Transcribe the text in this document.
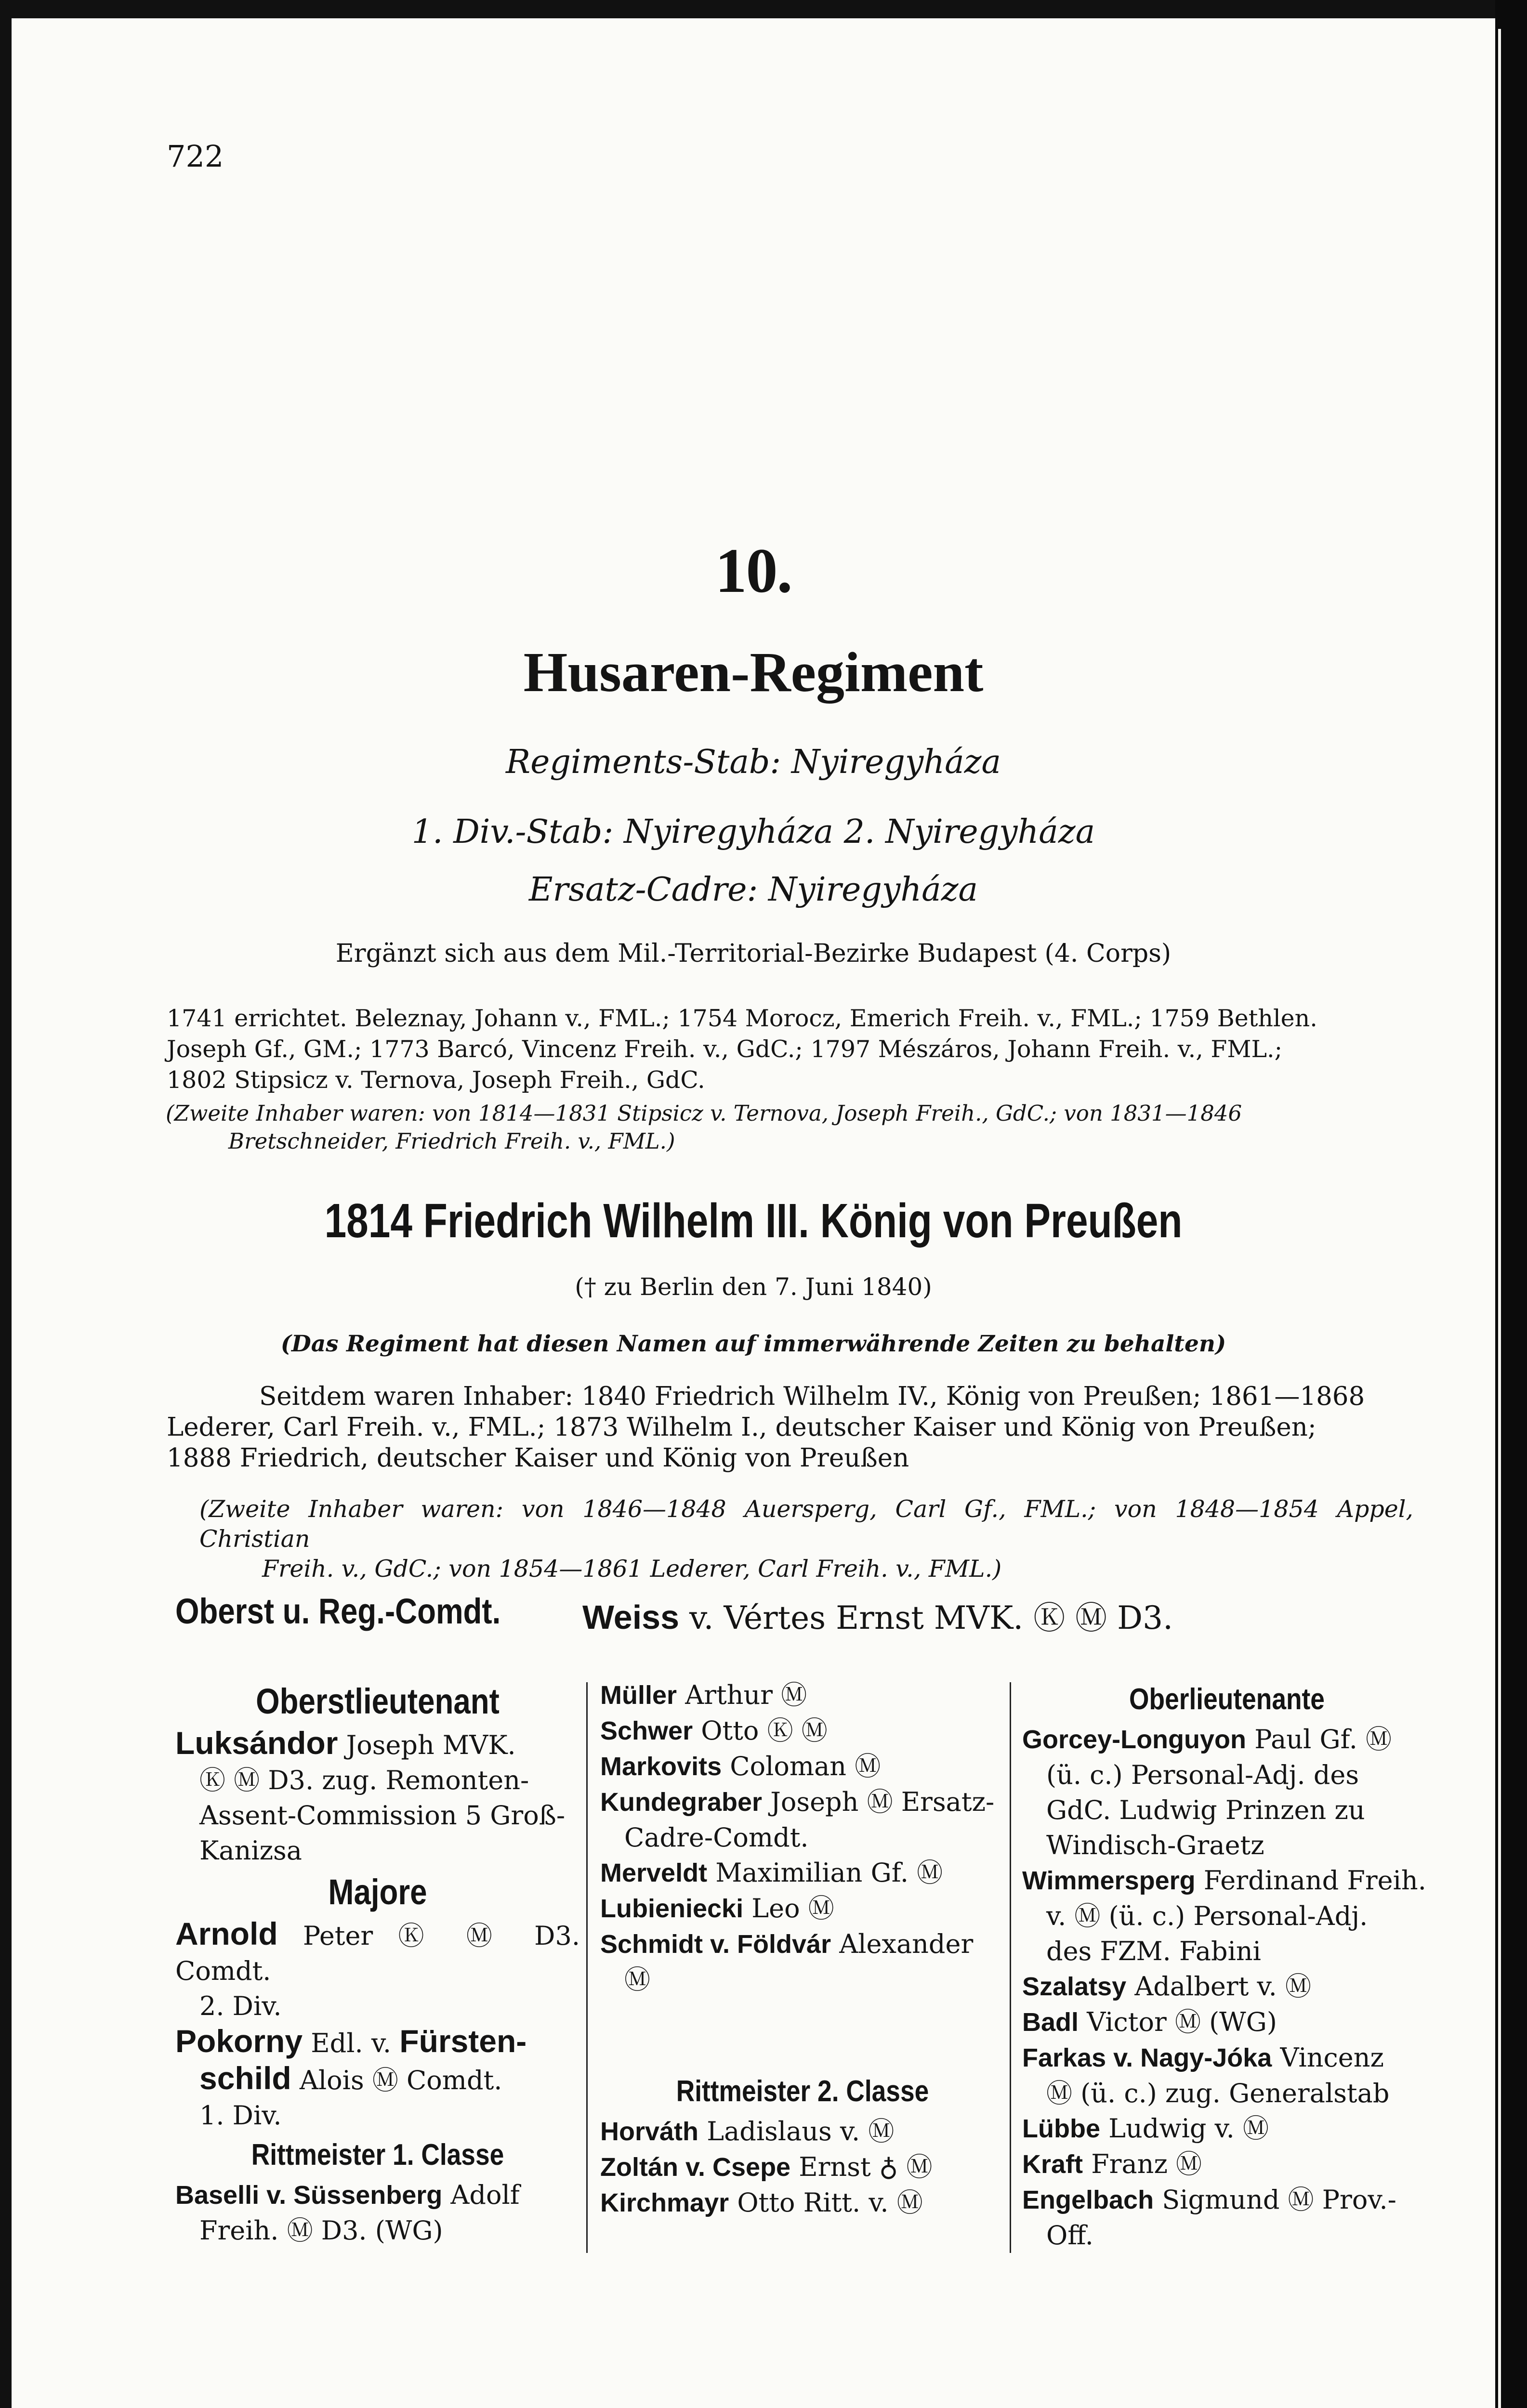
722
10.
Husaren-Regiment
Regiments-Stab: Nyiregyháza
1. Div.-Stab: Nyiregyháza 2. Nyiregyháza
Ersatz-Cadre: Nyiregyháza
Ergänzt sich aus dem Mil.-Territorial-Bezirke Budapest (4. Corps)
1741 errichtet. Beleznay, Johann v., FML.; 1754 Morocz, Emerich Freih. v., FML.; 1759 Bethlen.
Joseph Gf., GM.; 1773 Barcó, Vincenz Freih. v., GdC.; 1797 Mészáros, Johann Freih. v., FML.;
1802 Stipsicz v. Ternova, Joseph Freih., GdC.
(Zweite Inhaber waren: von 1814—1831 Stipsicz v. Ternova, Joseph Freih., GdC.; von 1831—1846
Bretschneider, Friedrich Freih. v., FML.)
1814 Friedrich Wilhelm III. König von Preußen
(† zu Berlin den 7. Juni 1840)
(Das Regiment hat diesen Namen auf immerwährende Zeiten zu behalten)
Seitdem waren Inhaber: 1840 Friedrich Wilhelm IV., König von Preußen; 1861—1868
Lederer, Carl Freih. v., FML.; 1873 Wilhelm I., deutscher Kaiser und König von Preußen;
1888 Friedrich, deutscher Kaiser und König von Preußen
(Zweite Inhaber waren: von 1846—1848 Auersperg, Carl Gf., FML.; von 1848—1854 Appel, Christian
Freih. v., GdC.; von 1854—1861 Lederer, Carl Freih. v., FML.)
Oberst u. Reg.-Comdt. Weiss v. Vértes Ernst MVK. Ⓚ Ⓜ D3.
Oberstlieutenant
Luksándor Joseph MVK.
Ⓚ Ⓜ D3. zug. Remonten-
Assent-Commission 5 Groß-
Kanizsa
Majore
Arnold Peter Ⓚ Ⓜ D3. Comdt.
2. Div.
Pokorny Edl. v. Fürsten-
schild Alois Ⓜ Comdt.
1. Div.
Rittmeister 1. Classe
Baselli v. Süssenberg Adolf
Freih. Ⓜ D3. (WG)
Müller Arthur Ⓜ
Schwer Otto Ⓚ Ⓜ
Markovits Coloman Ⓜ
Kundegraber Joseph Ⓜ Ersatz-
Cadre-Comdt.
Merveldt Maximilian Gf. Ⓜ
Lubieniecki Leo Ⓜ
Schmidt v. Földvár Alexander
Ⓜ
Rittmeister 2. Classe
Horváth Ladislaus v. Ⓜ
Zoltán v. Csepe Ernst ♁ Ⓜ
Kirchmayr Otto Ritt. v. Ⓜ
Oberlieutenante
Gorcey-Longuyon Paul Gf. Ⓜ
(ü. c.) Personal-Adj. des
GdC. Ludwig Prinzen zu
Windisch-Graetz
Wimmersperg Ferdinand Freih.
v. Ⓜ (ü. c.) Personal-Adj.
des FZM. Fabini
Szalatsy Adalbert v. Ⓜ
Badl Victor Ⓜ (WG)
Farkas v. Nagy-Jóka Vincenz
Ⓜ (ü. c.) zug. Generalstab
Lübbe Ludwig v. Ⓜ
Kraft Franz Ⓜ
Engelbach Sigmund Ⓜ Prov.-
Off.
